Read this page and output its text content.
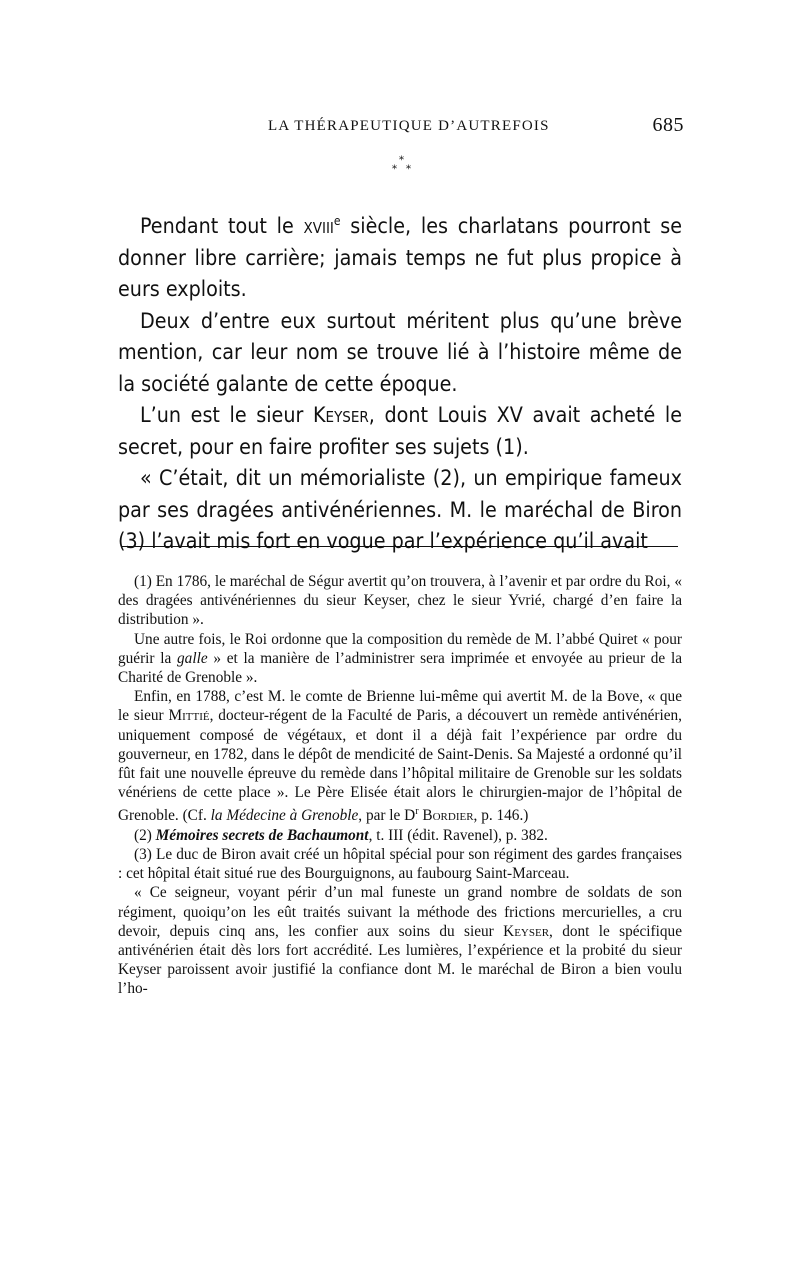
LA THÉRAPEUTIQUE D’AUTREFOIS	685
*
* *

Pendant tout le xviii$^e$ siècle, les charlatans pourront se donner libre carrière; jamais temps ne fut plus propice à eurs exploits.

Deux d’entre eux surtout méritent plus qu’une brève mention, car leur nom se trouve lié à l’histoire même de la société galante de cette époque.

L’un est le sieur Keyser, dont Louis XV avait acheté le secret, pour en faire profiter ses sujets (1).

« C’était, dit un mémorialiste (2), un empirique fameux par ses dragées antivénériennes. M. le maréchal de Biron (3) l’avait mis fort en vogue par l’expérience qu’il avait

(1) En 1786, le maréchal de Ségur avertit qu’on trouvera, à l’avenir et par ordre du Roi, « des dragées antivénériennes du sieur Keyser, chez le sieur Yvrié, chargé d’en faire la distribution ».

Une autre fois, le Roi ordonne que la composition du remède de M. l’abbé Quiret « pour guérir la galle » et la manière de l’administrer sera imprimée et envoyée au prieur de la Charité de Grenoble ».

Enfin, en 1788, c’est M. le comte de Brienne lui-même qui avertit M. de la Bove, « que le sieur Mittié, docteur-régent de la Faculté de Paris, a découvert un remède antivénérien, uniquement composé de végétaux, et dont il a déjà fait l’expérience par ordre du gouverneur, en 1782, dans le dépôt de mendicité de Saint-Denis. Sa Majesté a ordonné qu’il fût fait une nouvelle épreuve du remède dans l’hôpital militaire de Grenoble sur les soldats vénériens de cette place ». Le Père Elisée était alors le chirurgien-major de l’hôpital de Grenoble. (Cf. la Médecine à Grenoble, par le $D^r$ Bordier, p. 146.)

(2) Mémoires secrets de Bachaumont, t. III (édit. Ravenel), p. 382.

(3) Le duc de Biron avait créé un hôpital spécial pour son régiment des gardes françaises : cet hôpital était situé rue des Bourguignons, au faubourg Saint-Marceau.

« Ce seigneur, voyant périr d’un mal funeste un grand nombre de soldats de son régiment, quoiqu’on les eût traités suivant la méthode des frictions mercurielles, a cru devoir, depuis cinq ans, les confier aux soins du sieur Keyser, dont le spécifique antivénérien était dès lors fort accrédité. Les lumières, l’expérience et la probité du sieur Keyser paroissent avoir justifié la confiance dont M. le maréchal de Biron a bien voulu l’ho-
